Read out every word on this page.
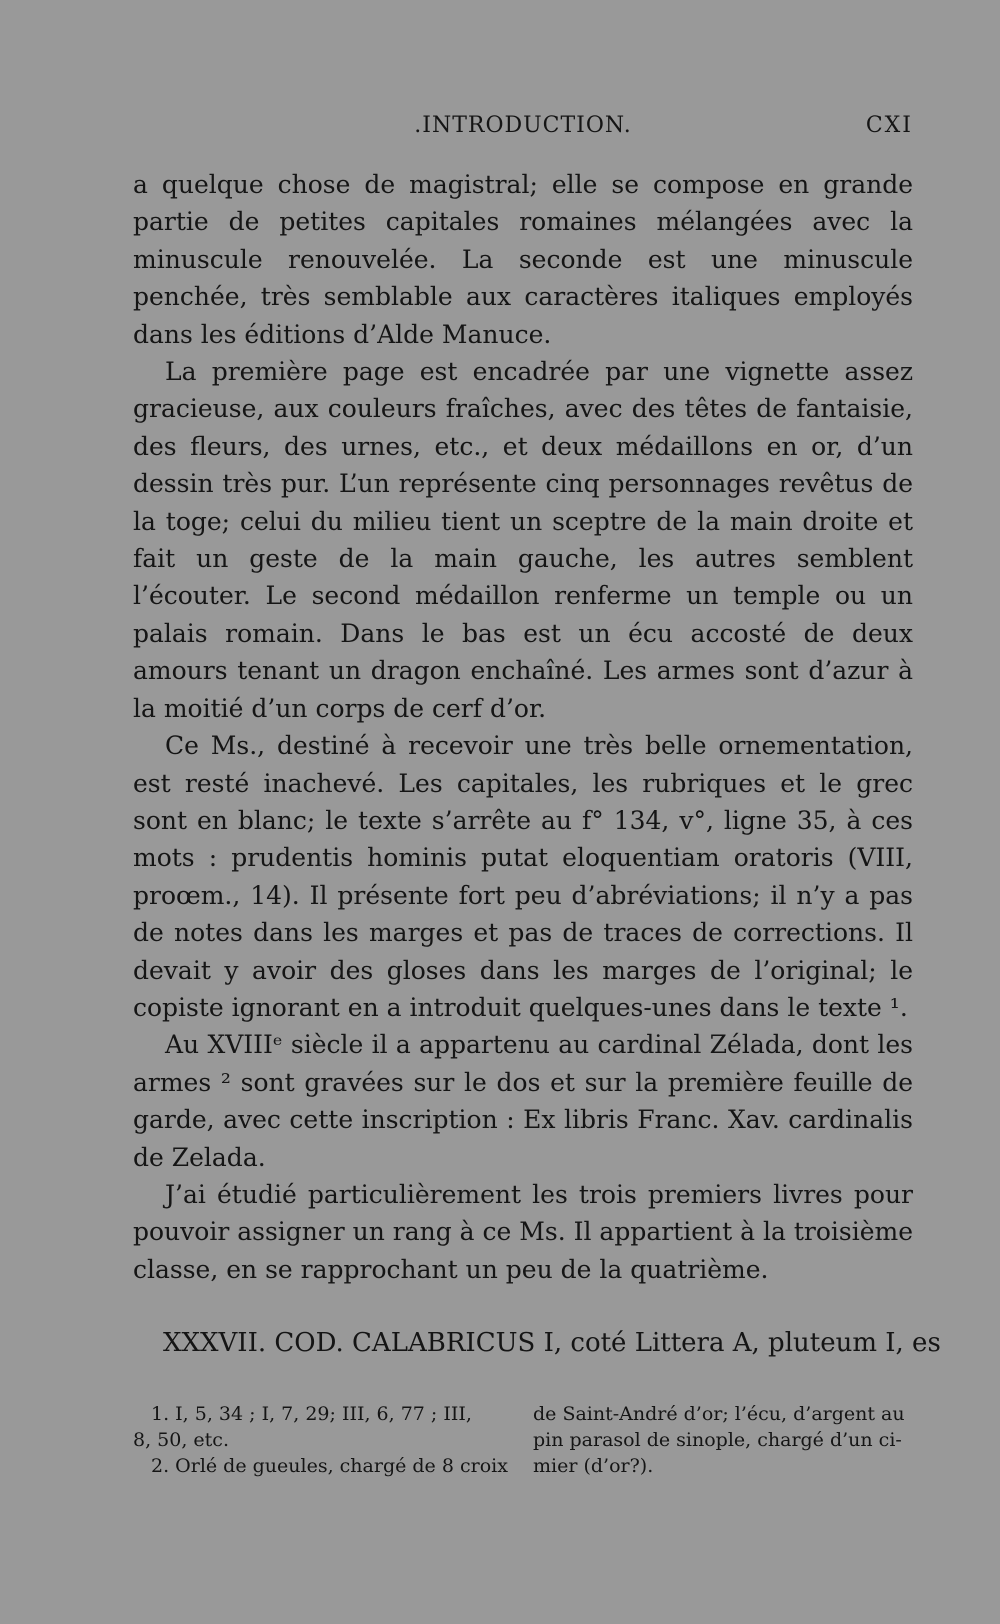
.INTRODUCTION.	CXI

a quelque chose de magistral; elle se compose en grande partie de petites capitales romaines mélangées avec la minuscule renouvelée. La seconde est une minuscule penchée, très semblable aux caractères italiques employés dans les éditions d’Alde Manuce.

La première page est encadrée par une vignette assez gracieuse, aux couleurs fraîches, avec des têtes de fantaisie, des fleurs, des urnes, etc., et deux médaillons en or, d’un dessin très pur. L’un représente cinq personnages revêtus de la toge; celui du milieu tient un sceptre de la main droite et fait un geste de la main gauche, les autres semblent l’écouter. Le second médaillon renferme un temple ou un palais romain. Dans le bas est un écu accosté de deux amours tenant un dragon enchaîné. Les armes sont d’azur à la moitié d’un corps de cerf d’or.

Ce Ms., destiné à recevoir une très belle ornementation, est resté inachevé. Les capitales, les rubriques et le grec sont en blanc; le texte s’arrête au f° 134, v°, ligne 35, à ces mots : prudentis hominis putat eloquentiam oratoris (VIII, proœm., 14). Il présente fort peu d’abréviations; il n’y a pas de notes dans les marges et pas de traces de corrections. Il devait y avoir des gloses dans les marges de l’original; le copiste ignorant en a introduit quelques-unes dans le texte ¹.

Au XVIIIᵉ siècle il a appartenu au cardinal Zélada, dont les armes ² sont gravées sur le dos et sur la première feuille de garde, avec cette inscription : Ex libris Franc. Xav. cardinalis de Zelada.

J’ai étudié particulièrement les trois premiers livres pour pouvoir assigner un rang à ce Ms. Il appartient à la troisième classe, en se rapprochant un peu de la quatrième.

XXXVII. COD. CALABRICUS I, coté Littera A, pluteum I, es
1. I, 5, 34 ; I, 7, 29; III, 6, 77 ; III,
8, 50, etc.
2. Orlé de gueules, chargé de 8 croix
de Saint-André d’or; l’écu, d’argent au
pin parasol de sinople, chargé d’un ci-
mier (d’or?).
